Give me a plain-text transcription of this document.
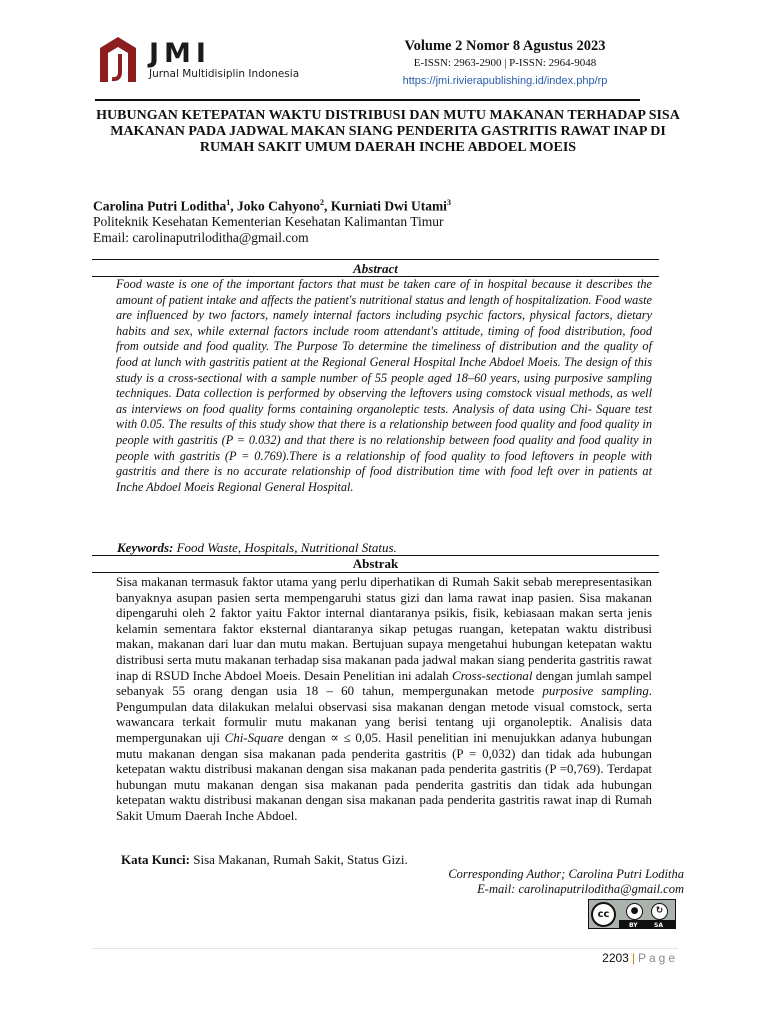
JMI
Jurnal Multidisiplin Indonesia
Volume 2 Nomor 8 Agustus 2023
E-ISSN: 2963-2900 | P-ISSN: 2964-9048
https://jmi.rivierapublishing.id/index.php/rp
HUBUNGAN KETEPATAN WAKTU DISTRIBUSI DAN MUTU MAKANAN TERHADAP SISA MAKANAN PADA JADWAL MAKAN SIANG PENDERITA GASTRITIS RAWAT INAP DI RUMAH SAKIT UMUM DAERAH INCHE ABDOEL MOEIS
Carolina Putri Loditha$^1$, Joko Cahyono$^2$, Kurniati Dwi Utami$^3$
Politeknik Kesehatan Kementerian Kesehatan Kalimantan Timur
Email: carolinaputriloditha@gmail.com
Abstract
Food waste is one of the important factors that must be taken care of in hospital because it describes the amount of patient intake and affects the patient's nutritional status and length of hospitalization. Food waste are influenced by two factors, namely internal factors including psychic factors, physical factors, dietary habits and sex, while external factors include room attendant's attitude, timing of food distribution, food from outside and food quality. The Purpose To determine the timeliness of distribution and the quality of food at lunch with gastritis patient at the Regional General Hospital Inche Abdoel Moeis. The design of this study is a cross-sectional with a sample number of 55 people aged 18–60 years, using purposive sampling techniques. Data collection is performed by observing the leftovers using comstock visual methods, as well as interviews on food quality forms containing organoleptic tests. Analysis of data using Chi- Square test with 0.05. The results of this study show that there is a relationship between food quality and food quality in people with gastritis (P = 0.032) and that there is no relationship between food quality and food quality in people with gastritis (P = 0.769).There is a relationship of food quality to food leftovers in people with gastritis and there is no accurate relationship of food distribution time with food left over in patients at Inche Abdoel Moeis Regional General Hospital.
Keywords: Food Waste, Hospitals, Nutritional Status.
Abstrak
Sisa makanan termasuk faktor utama yang perlu diperhatikan di Rumah Sakit sebab merepresentasikan banyaknya asupan pasien serta mempengaruhi status gizi dan lama rawat inap pasien. Sisa makanan dipengaruhi oleh 2 faktor yaitu Faktor internal diantaranya psikis, fisik, kebiasaan makan serta jenis kelamin sementara faktor eksternal diantaranya sikap petugas ruangan, ketepatan waktu distribusi makan, makanan dari luar dan mutu makan. Bertujuan supaya mengetahui hubungan ketepatan waktu distribusi serta mutu makanan terhadap sisa makanan pada jadwal makan siang penderita gastritis rawat inap di RSUD Inche Abdoel Moeis. Desain Penelitian ini adalah Cross-sectional dengan jumlah sampel sebanyak 55 orang dengan usia 18 – 60 tahun, mempergunakan metode purposive sampling. Pengumpulan data dilakukan melalui observasi sisa makanan dengan metode visual comstock, serta wawancara terkait formulir mutu makanan yang berisi tentang uji organoleptik. Analisis data mempergunakan uji Chi-Square dengan ∝ ≤ 0,05. Hasil penelitian ini menujukkan adanya hubungan mutu makanan dengan sisa makanan pada penderita gastritis (P = 0,032) dan tidak ada hubungan ketepatan waktu distribusi makanan dengan sisa makanan pada penderita gastritis (P =0,769). Terdapat hubungan mutu makanan dengan sisa makanan pada penderita gastritis dan tidak ada hubungan ketepatan waktu distribusi makanan dengan sisa makanan pada penderita gastritis rawat inap di Rumah Sakit Umum Daerah Inche Abdoel.
Kata Kunci: Sisa Makanan, Rumah Sakit, Status Gizi.
Corresponding Author; Carolina Putri Loditha
E-mail: carolinaputriloditha@gmail.com
cc	●	↻
BY	SA
2203 | Page
